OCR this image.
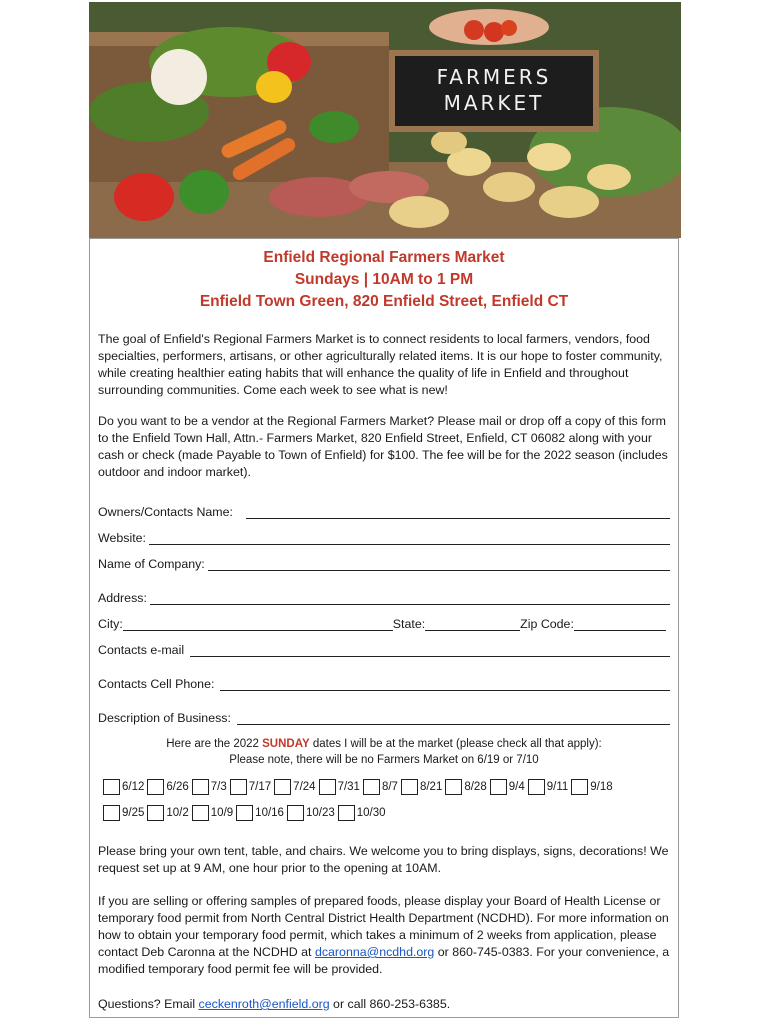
FARMERS
MARKET
Enfield Regional Farmers Market
Sundays | 10AM to 1 PM
Enfield Town Green, 820 Enfield Street, Enfield CT
The goal of Enfield's Regional Farmers Market is to connect residents to local farmers, vendors, food specialties, performers, artisans, or other agriculturally related items. It is our hope to foster community, while creating healthier eating habits that will enhance the quality of life in Enfield and throughout surrounding communities. Come each week to see what is new!
Do you want to be a vendor at the Regional Farmers Market? Please mail or drop off a copy of this form to the Enfield Town Hall, Attn.- Farmers Market, 820 Enfield Street, Enfield, CT 06082 along with your cash or check (made Payable to Town of Enfield) for $100. The fee will be for the 2022 season (includes outdoor and indoor market).
Owners/Contacts Name:
Website:
Name of Company:
Address:
City:	State:	Zip Code:
Contacts e-mail
Contacts Cell Phone:
Description of Business:
Here are the 2022 SUNDAY dates I will be at the market (please check all that apply):
Please note, there will be no Farmers Market on 6/19 or 7/10
6/12 6/26 7/3 7/17 7/24 7/31 8/7 8/21 8/28 9/4 9/11 9/18
9/25 10/2 10/9 10/16 10/23 10/30
Please bring your own tent, table, and chairs. We welcome you to bring displays, signs, decorations! We request set up at 9 AM, one hour prior to the opening at 10AM.
If you are selling or offering samples of prepared foods, please display your Board of Health License or temporary food permit from North Central District Health Department (NCDHD). For more information on how to obtain your temporary food permit, which takes a minimum of 2 weeks from application, please contact Deb Caronna at the NCDHD at dcaronna@ncdhd.org or 860-745-0383. For your convenience, a modified temporary food permit fee will be provided.
Questions? Email ceckenroth@enfield.org or call 860-253-6385.
